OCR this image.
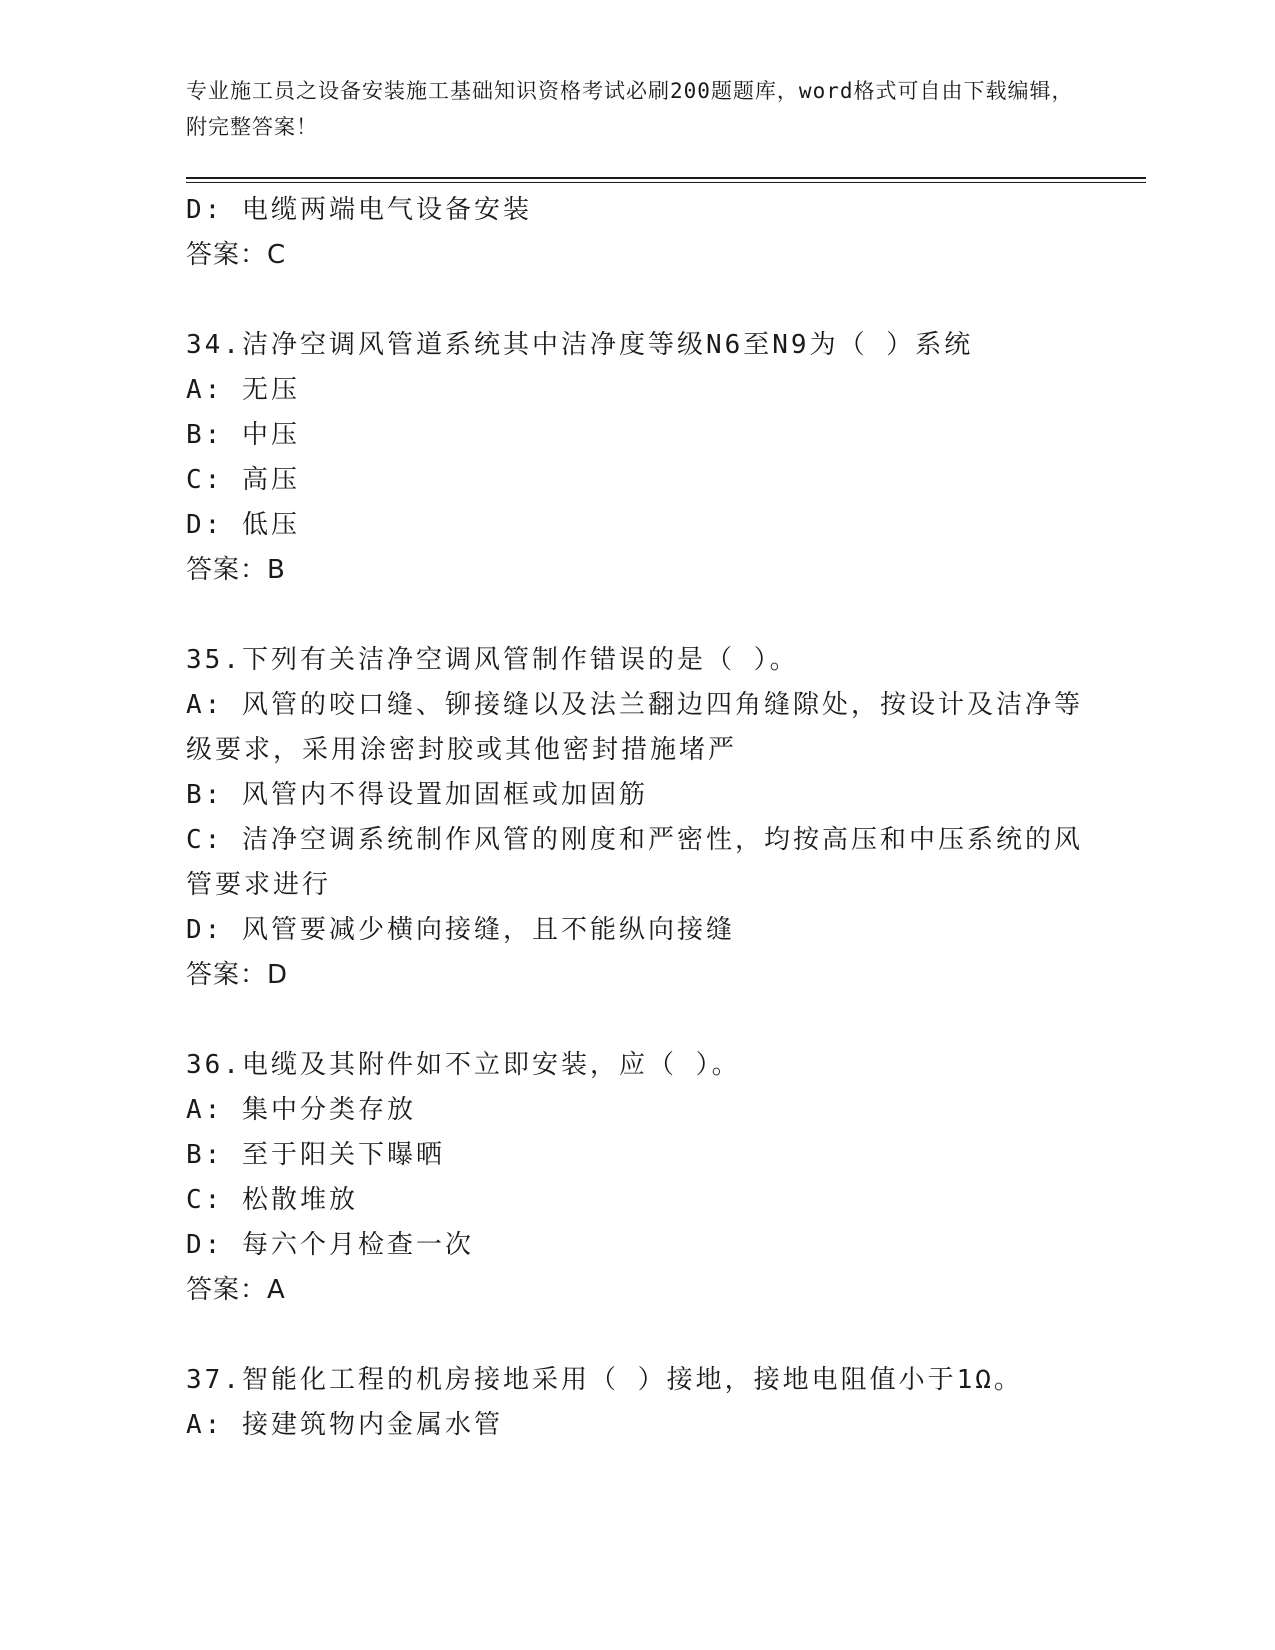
专业施工员之设备安装施工基础知识资格考试必刷200题题库，word格式可自由下载编辑，附完整答案！
D: 电缆两端电气设备安装
答案：C
34.洁净空调风管道系统其中洁净度等级N6至N9为（ ）系统
A: 无压
B: 中压
C: 高压
D: 低压
答案：B
35.下列有关洁净空调风管制作错误的是（ ）。
A: 风管的咬口缝、铆接缝以及法兰翻边四角缝隙处，按设计及洁净等级要求，采用涂密封胶或其他密封措施堵严
B: 风管内不得设置加固框或加固筋
C: 洁净空调系统制作风管的刚度和严密性，均按高压和中压系统的风管要求进行
D: 风管要减少横向接缝，且不能纵向接缝
答案：D
36.电缆及其附件如不立即安装，应（ ）。
A: 集中分类存放
B: 至于阳关下曝晒
C: 松散堆放
D: 每六个月检查一次
答案：A
37.智能化工程的机房接地采用（ ）接地，接地电阻值小于1Ω。
A: 接建筑物内金属水管
